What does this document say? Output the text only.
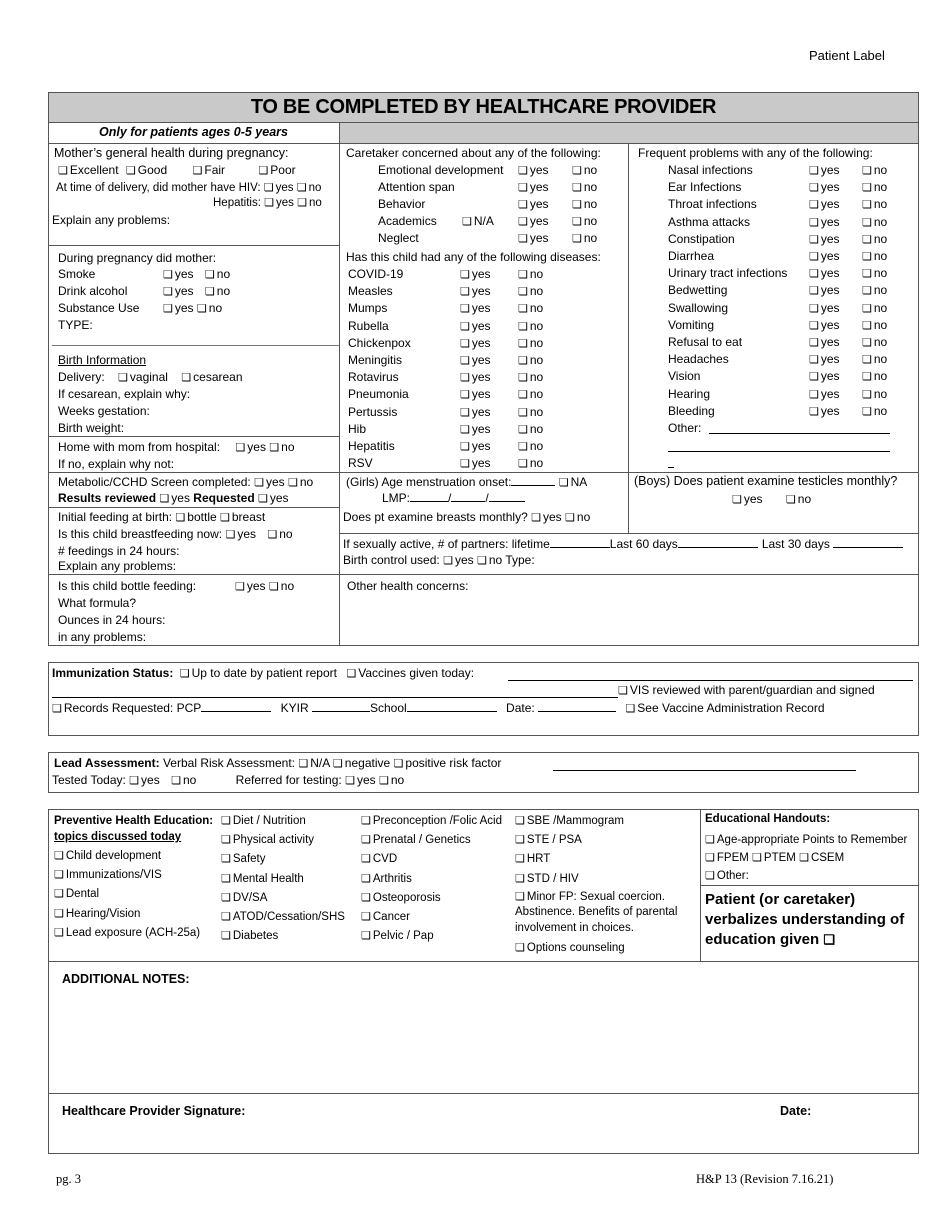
Patient Label
TO BE COMPLETED BY HEALTHCARE PROVIDER
Only for patients ages 0-5 years
Mother’s general health during pregnancy:
❏ Excellent ❏ Good	❏ Fair	❏ Poor
At time of delivery, did mother have HIV: ❏ yes ❏ no
Hepatitis: ❏ yes ❏ no
Explain any problems:
During pregnancy did mother:
Smoke	❏ yes ❏ no
Drink alcohol	❏ yes ❏ no
Substance Use	❏ yes ❏ no
TYPE:
Birth Information
Delivery: ❏ vaginal ❏ cesarean
If cesarean, explain why:
Weeks gestation:
Birth weight:
Home with mom from hospital: ❏ yes ❏ no
If no, explain why not:
Metabolic/CCHD Screen completed: ❏ yes ❏ no
Results reviewed ❏ yes Requested ❏ yes
Initial feeding at birth: ❏ bottle ❏ breast
Is this child breastfeeding now: ❏ yes ❏ no
# feedings in 24 hours:
Explain any problems:
Is this child bottle feeding:	❏ yes ❏ no
What formula?
Ounces in 24 hours:
in any problems:
Caretaker concerned about any of the following:
Emotional development	❏ yes	❏ no
Attention span	❏ yes	❏ no
Behavior	❏ yes	❏ no
Academics	❏ N/A	❏ yes	❏ no
Neglect	❏ yes	❏ no
Has this child had any of the following diseases:
COVID-19	❏ yes	❏ no
Measles	❏ yes	❏ no
Mumps	❏ yes	❏ no
Rubella	❏ yes	❏ no
Chickenpox	❏ yes	❏ no
Meningitis	❏ yes	❏ no
Rotavirus	❏ yes	❏ no
Pneumonia	❏ yes	❏ no
Pertussis	❏ yes	❏ no
Hib	❏ yes	❏ no
Hepatitis	❏ yes	❏ no
RSV	❏ yes	❏ no
(Girls) Age menstruation onset:	❏ NA
LMP:	/	/
Does pt examine breasts monthly? ❏ yes ❏ no
If sexually active, # of partners: lifetime	Last 60 days	Last 30 days
Birth control used: ❏ yes ❏ no Type:
Other health concerns:
Frequent problems with any of the following:
Nasal infections	❏ yes	❏ no
Ear Infections	❏ yes	❏ no
Throat infections	❏ yes	❏ no
Asthma attacks	❏ yes	❏ no
Constipation	❏ yes	❏ no
Diarrhea	❏ yes	❏ no
Urinary tract infections	❏ yes	❏ no
Bedwetting	❏ yes	❏ no
Swallowing	❏ yes	❏ no
Vomiting	❏ yes	❏ no
Refusal to eat	❏ yes	❏ no
Headaches	❏ yes	❏ no
Vision	❏ yes	❏ no
Hearing	❏ yes	❏ no
Bleeding	❏ yes	❏ no
Other:
(Boys) Does patient examine testicles monthly?
❏ yes	❏ no
Immunization Status: ❏ Up to date by patient report ❏ Vaccines given today:
❏ VIS reviewed with parent/guardian and signed
❏ Records Requested: PCP	KYIR	School	Date:	❏ See Vaccine Administration Record
Lead Assessment: Verbal Risk Assessment: ❏ N/A ❏ negative ❏ positive risk factor
Tested Today: ❏ yes ❏ no	Referred for testing: ❏ yes ❏ no
Preventive Health Education:
topics discussed today
❏ Child development
❏ Immunizations/VIS
❏ Dental
❏ Hearing/Vision
❏ Lead exposure (ACH-25a)
❏ Diet / Nutrition
❏ Physical activity
❏ Safety
❏ Mental Health
❏ DV/SA
❏ ATOD/Cessation/SHS
❏ Diabetes
❏ Preconception /Folic Acid
❏ Prenatal / Genetics
❏ CVD
❏ Arthritis
❏ Osteoporosis
❏ Cancer
❏ Pelvic / Pap
❏ SBE /Mammogram
❏ STE / PSA
❏ HRT
❏ STD / HIV
❏ Minor FP: Sexual coercion.
Abstinence. Benefits of parental
involvement in choices.
❏ Options counseling
Educational Handouts:
❏ Age-appropriate Points to Remember
❏ FPEM ❏ PTEM ❏ CSEM
❏ Other:
Patient (or caretaker)
verbalizes understanding of
education given ❏
ADDITIONAL NOTES:
Healthcare Provider Signature:	Date:
pg. 3	H&P 13 (Revision 7.16.21)
